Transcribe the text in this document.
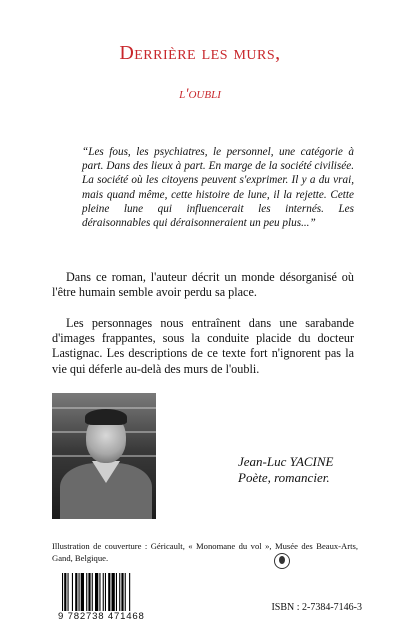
Derrière les murs,
l'oubli

“Les fous, les psychiatres, le personnel, une catégorie à part. Dans des lieux à part. En marge de la société civilisée. La société où les citoyens peuvent s'exprimer. Il y a du vrai, mais quand même, cette histoire de lune, il la rejette. Cette pleine lune qui influencerait les internés. Les déraisonnables qui déraisonneraient un peu plus...”

Dans ce roman, l'auteur décrit un monde désorganisé où l'être humain semble avoir perdu sa place.

Les personnages nous entraînent dans une sarabande d'images frappantes, sous la conduite placide du docteur Lastignac. Les descriptions de ce texte fort n'ignorent pas la vie qui déferle au-delà des murs de l'oubli.

Jean-Luc YACINE
Poète, romancier.

Illustration de couverture : Géricault, « Monomane du vol », Musée des Beaux-Arts, Gand, Belgique.

9 782738 471468
ISBN : 2-7384-7146-3
